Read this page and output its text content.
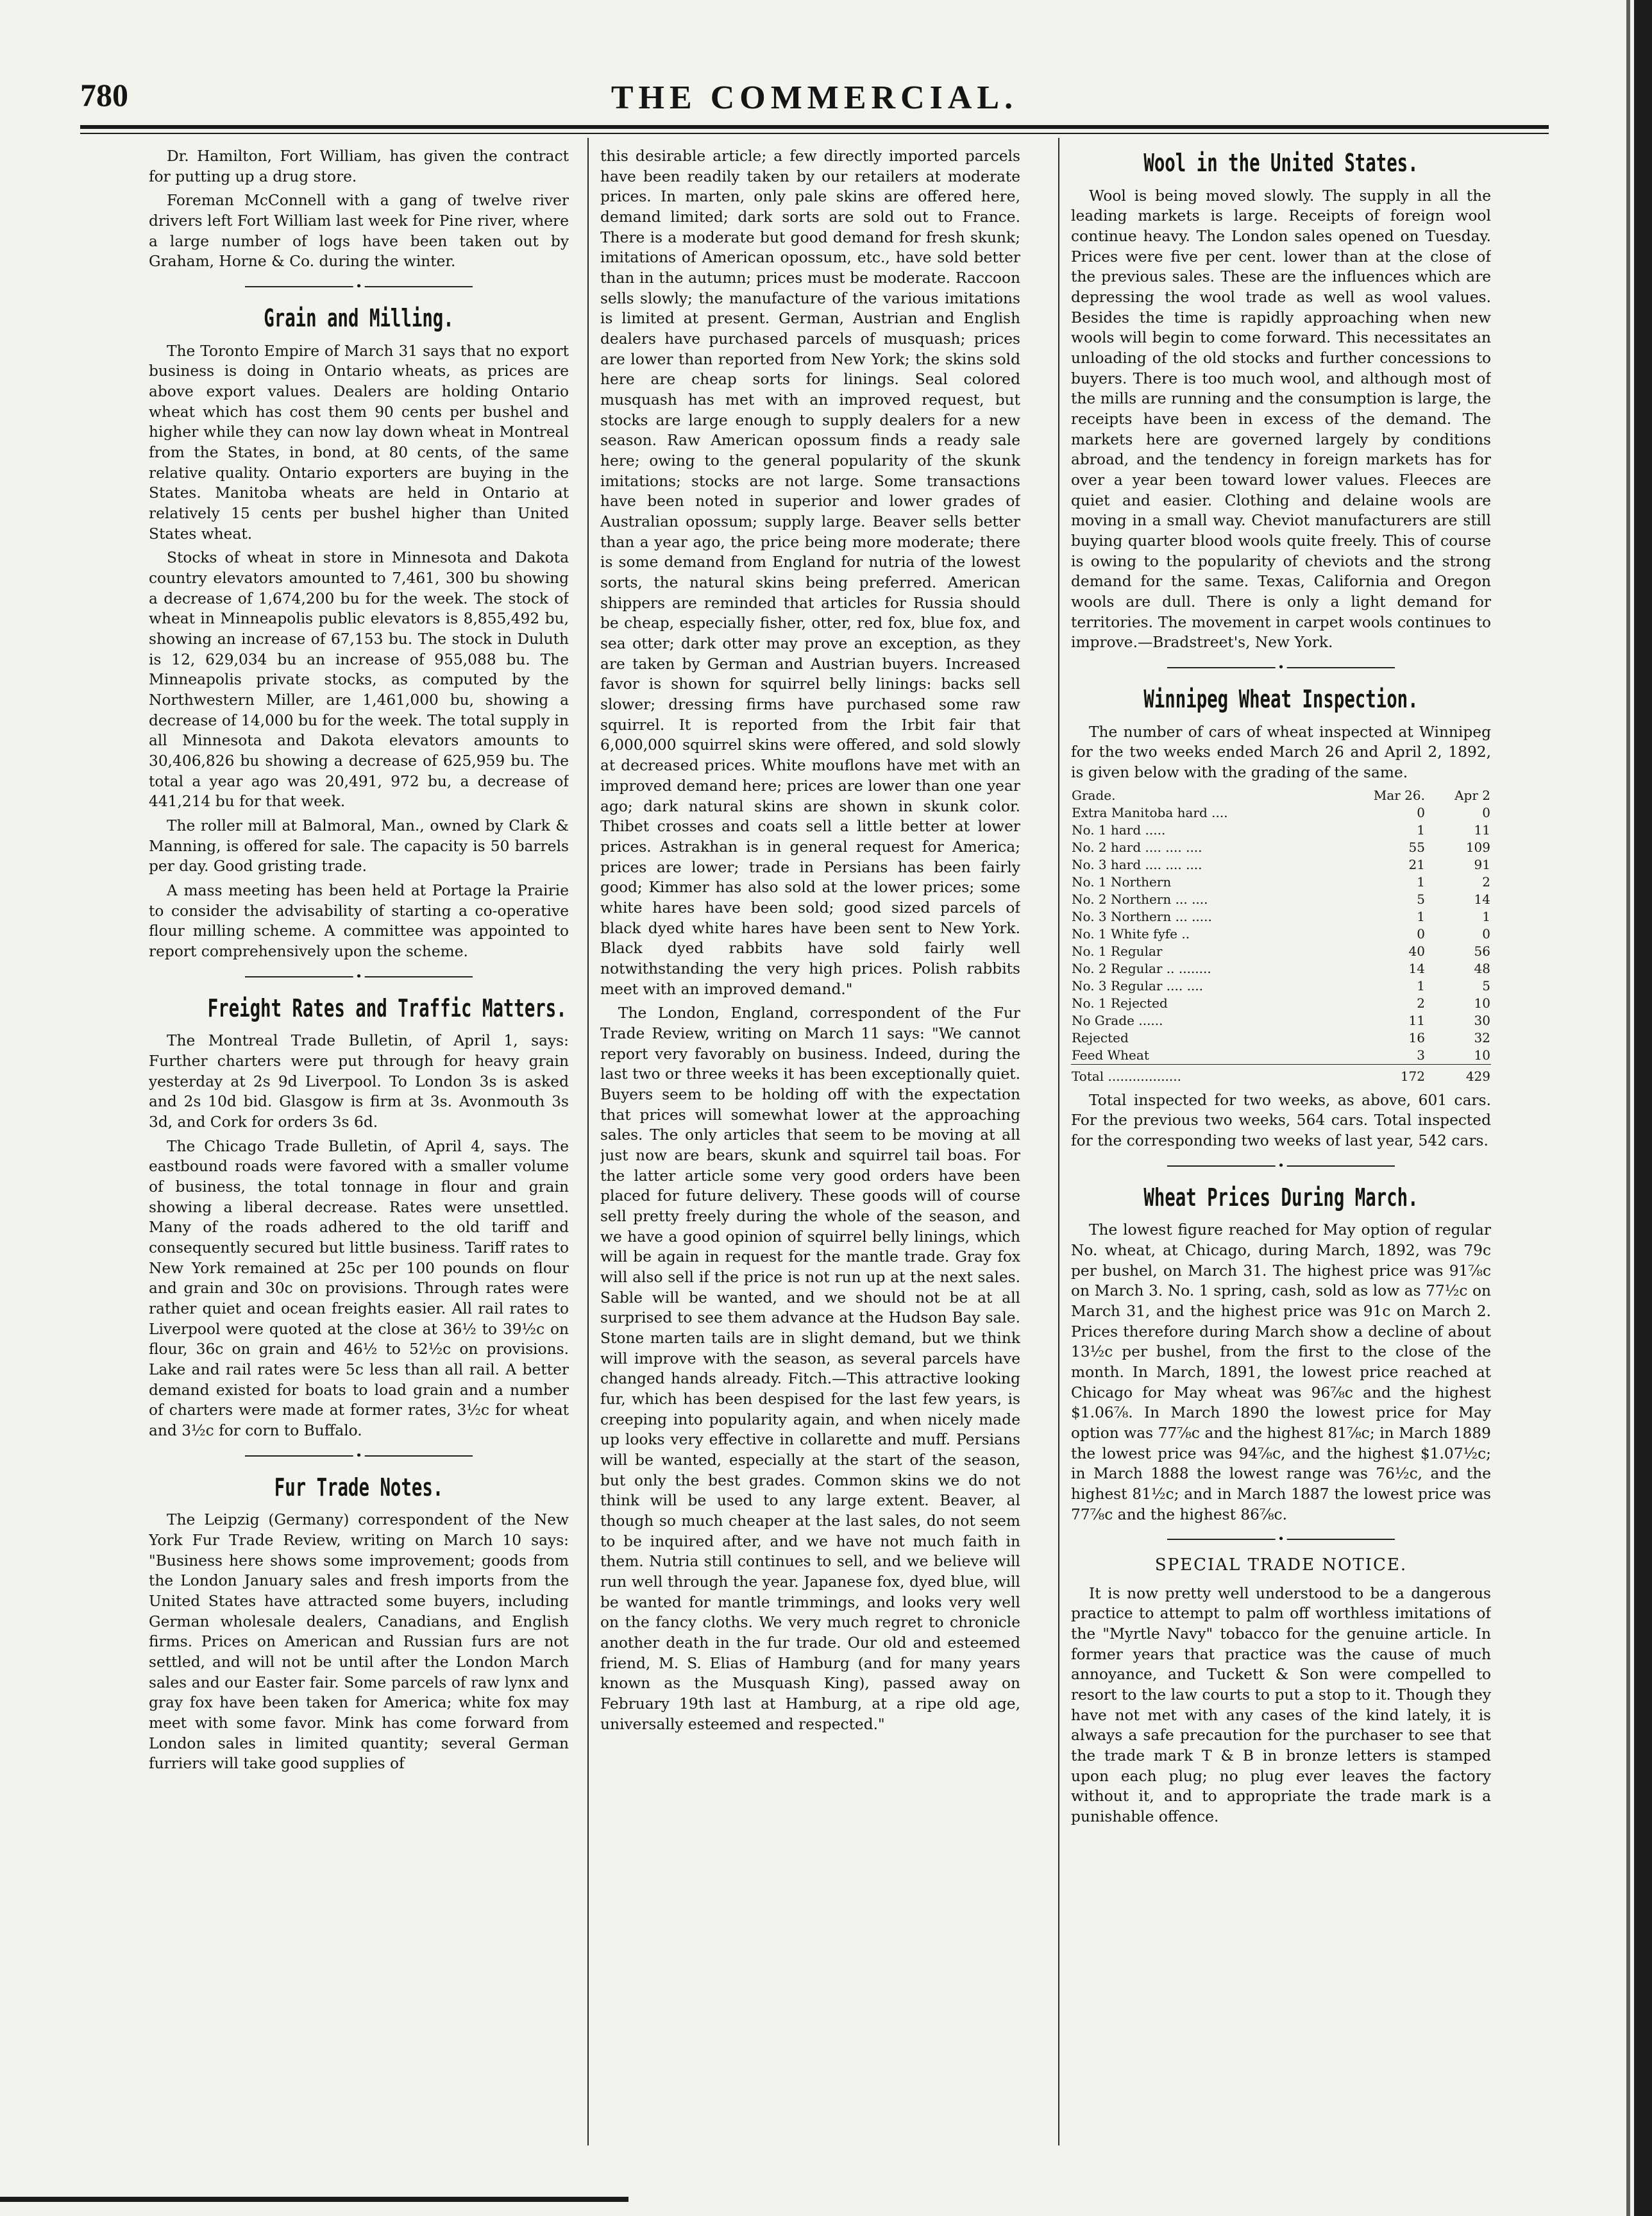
780	THE COMMERCIAL.

Dr. Hamilton, Fort William, has given the contract for putting up a drug store.

Foreman McConnell with a gang of twelve river drivers left Fort William last week for Pine river, where a large number of logs have been taken out by Graham, Horne & Co. during the winter.

•
Grain and Milling.

The Toronto Empire of March 31 says that no export business is doing in Ontario wheats, as prices are above export values. Dealers are holding Ontario wheat which has cost them 90 cents per bushel and higher while they can now lay down wheat in Montreal from the States, in bond, at 80 cents, of the same relative quality. Ontario exporters are buying in the States. Manitoba wheats are held in Ontario at relatively 15 cents per bushel higher than United States wheat.

Stocks of wheat in store in Minnesota and Dakota country elevators amounted to 7,461, 300 bu showing a decrease of 1,674,200 bu for the week. The stock of wheat in Minneapolis public elevators is 8,855,492 bu, showing an increase of 67,153 bu. The stock in Duluth is 12, 629,034 bu an increase of 955,088 bu. The Minneapolis private stocks, as computed by the Northwestern Miller, are 1,461,000 bu, showing a decrease of 14,000 bu for the week. The total supply in all Minnesota and Dakota elevators amounts to 30,406,826 bu showing a decrease of 625,959 bu. The total a year ago was 20,491, 972 bu, a decrease of 441,214 bu for that week.

The roller mill at Balmoral, Man., owned by Clark & Manning, is offered for sale. The capacity is 50 barrels per day. Good gristing trade.

A mass meeting has been held at Portage la Prairie to consider the advisability of starting a co-operative flour milling scheme. A committee was appointed to report comprehensively upon the scheme.

•
Freight Rates and Traffic Matters.

The Montreal Trade Bulletin, of April 1, says: Further charters were put through for heavy grain yesterday at 2s 9d Liverpool. To London 3s is asked and 2s 10d bid. Glasgow is firm at 3s. Avonmouth 3s 3d, and Cork for orders 3s 6d.

The Chicago Trade Bulletin, of April 4, says. The eastbound roads were favored with a smaller volume of business, the total tonnage in flour and grain showing a liberal decrease. Rates were unsettled. Many of the roads adhered to the old tariff and consequently secured but little business. Tariff rates to New York remained at 25c per 100 pounds on flour and grain and 30c on provisions. Through rates were rather quiet and ocean freights easier. All rail rates to Liverpool were quoted at the close at 36½ to 39½c on flour, 36c on grain and 46½ to 52½c on provisions. Lake and rail rates were 5c less than all rail. A better demand existed for boats to load grain and a number of charters were made at former rates, 3½c for wheat and 3½c for corn to Buffalo.

•
Fur Trade Notes.

The Leipzig (Germany) correspondent of the New York Fur Trade Review, writing on March 10 says: "Business here shows some improvement; goods from the London January sales and fresh imports from the United States have attracted some buyers, including German wholesale dealers, Canadians, and English firms. Prices on American and Russian furs are not settled, and will not be until after the London March sales and our Easter fair. Some parcels of raw lynx and gray fox have been taken for America; white fox may meet with some favor. Mink has come forward from London sales in limited quantity; several German furriers will take good supplies of

this desirable article; a few directly imported parcels have been readily taken by our retailers at moderate prices. In marten, only pale skins are offered here, demand limited; dark sorts are sold out to France. There is a moderate but good demand for fresh skunk; imitations of American opossum, etc., have sold better than in the autumn; prices must be moderate. Raccoon sells slowly; the manufacture of the various imitations is limited at present. German, Austrian and English dealers have purchased parcels of musquash; prices are lower than reported from New York; the skins sold here are cheap sorts for linings. Seal colored musquash has met with an improved request, but stocks are large enough to supply dealers for a new season. Raw American opossum finds a ready sale here; owing to the general popularity of the skunk imitations; stocks are not large. Some transactions have been noted in superior and lower grades of Australian opossum; supply large. Beaver sells better than a year ago, the price being more moderate; there is some demand from England for nutria of the lowest sorts, the natural skins being preferred. American shippers are reminded that articles for Russia should be cheap, especially fisher, otter, red fox, blue fox, and sea otter; dark otter may prove an exception, as they are taken by German and Austrian buyers. Increased favor is shown for squirrel belly linings: backs sell slower; dressing firms have purchased some raw squirrel. It is reported from the Irbit fair that 6,000,000 squirrel skins were offered, and sold slowly at decreased prices. White mouflons have met with an improved demand here; prices are lower than one year ago; dark natural skins are shown in skunk color. Thibet crosses and coats sell a little better at lower prices. Astrakhan is in general request for America; prices are lower; trade in Persians has been fairly good; Kimmer has also sold at the lower prices; some white hares have been sold; good sized parcels of black dyed white hares have been sent to New York. Black dyed rabbits have sold fairly well notwithstanding the very high prices. Polish rabbits meet with an improved demand."

The London, England, correspondent of the Fur Trade Review, writing on March 11 says: "We cannot report very favorably on business. Indeed, during the last two or three weeks it has been exceptionally quiet. Buyers seem to be holding off with the expectation that prices will somewhat lower at the approaching sales. The only articles that seem to be moving at all just now are bears, skunk and squirrel tail boas. For the latter article some very good orders have been placed for future delivery. These goods will of course sell pretty freely during the whole of the season, and we have a good opinion of squirrel belly linings, which will be again in request for the mantle trade. Gray fox will also sell if the price is not run up at the next sales. Sable will be wanted, and we should not be at all surprised to see them advance at the Hudson Bay sale. Stone marten tails are in slight demand, but we think will improve with the season, as several parcels have changed hands already. Fitch.—This attractive looking fur, which has been despised for the last few years, is creeping into popularity again, and when nicely made up looks very effective in collarette and muff. Persians will be wanted, especially at the start of the season, but only the best grades. Common skins we do not think will be used to any large extent. Beaver, al though so much cheaper at the last sales, do not seem to be inquired after, and we have not much faith in them. Nutria still continues to sell, and we believe will run well through the year. Japanese fox, dyed blue, will be wanted for mantle trimmings, and looks very well on the fancy cloths. We very much regret to chronicle another death in the fur trade. Our old and esteemed friend, M. S. Elias of Hamburg (and for many years known as the Musquash King), passed away on February 19th last at Hamburg, at a ripe old age, universally esteemed and respected."

Wool in the United States.

Wool is being moved slowly. The supply in all the leading markets is large. Receipts of foreign wool continue heavy. The London sales opened on Tuesday. Prices were five per cent. lower than at the close of the previous sales. These are the influences which are depressing the wool trade as well as wool values. Besides the time is rapidly approaching when new wools will begin to come forward. This necessitates an unloading of the old stocks and further concessions to buyers. There is too much wool, and although most of the mills are running and the consumption is large, the receipts have been in excess of the demand. The markets here are governed largely by conditions abroad, and the tendency in foreign markets has for over a year been toward lower values. Fleeces are quiet and easier. Clothing and delaine wools are moving in a small way. Cheviot manufacturers are still buying quarter blood wools quite freely. This of course is owing to the popularity of cheviots and the strong demand for the same. Texas, California and Oregon wools are dull. There is only a light demand for territories. The movement in carpet wools continues to improve.—Bradstreet's, New York.

•
Winnipeg Wheat Inspection.

The number of cars of wheat inspected at Winnipeg for the two weeks ended March 26 and April 2, 1892, is given below with the grading of the same.

Grade.	Mar 26.	Apr 2
Extra Manitoba hard ....	0	0
No. 1 hard .....	1	11
No. 2 hard .... .... ....	55	109
No. 3 hard .... .... ....	21	91
No. 1 Northern	1	2
No. 2 Northern ... ....	5	14
No. 3 Northern ... .....	1	1
No. 1 White fyfe ..	0	0
No. 1 Regular	40	56
No. 2 Regular .. ........	14	48
No. 3 Regular .... ....	1	5
No. 1 Rejected	2	10
No Grade ......	11	30
Rejected	16	32
Feed Wheat	3	10
Total ..................	172	429

Total inspected for two weeks, as above, 601 cars. For the previous two weeks, 564 cars. Total inspected for the corresponding two weeks of last year, 542 cars.

•
Wheat Prices During March.

The lowest figure reached for May option of regular No. wheat, at Chicago, during March, 1892, was 79c per bushel, on March 31. The highest price was 91⅞c on March 3. No. 1 spring, cash, sold as low as 77½c on March 31, and the highest price was 91c on March 2. Prices therefore during March show a decline of about 13½c per bushel, from the first to the close of the month. In March, 1891, the lowest price reached at Chicago for May wheat was 96⅞c and the highest $1.06⅞. In March 1890 the lowest price for May option was 77⅞c and the highest 81⅞c; in March 1889 the lowest price was 94⅞c, and the highest $1.07½c; in March 1888 the lowest range was 76½c, and the highest 81½c; and in March 1887 the lowest price was 77⅞c and the highest 86⅞c.

•
SPECIAL TRADE NOTICE.

It is now pretty well understood to be a dangerous practice to attempt to palm off worthless imitations of the "Myrtle Navy" tobacco for the genuine article. In former years that practice was the cause of much annoyance, and Tuckett & Son were compelled to resort to the law courts to put a stop to it. Though they have not met with any cases of the kind lately, it is always a safe precaution for the purchaser to see that the trade mark T & B in bronze letters is stamped upon each plug; no plug ever leaves the factory without it, and to appropriate the trade mark is a punishable offence.
